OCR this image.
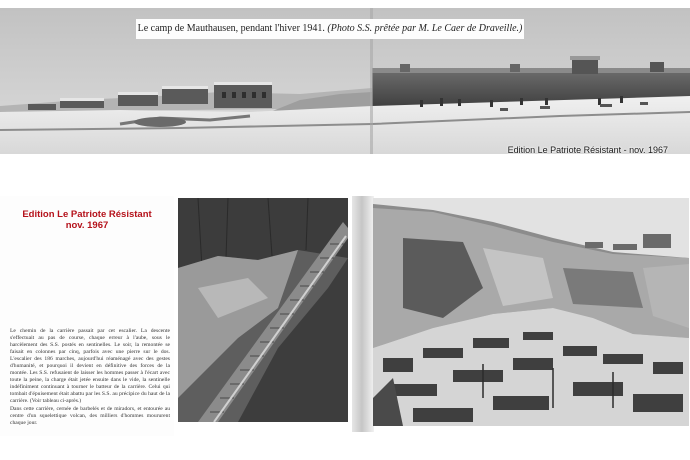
Le camp de Mauthausen, pendant l'hiver 1941. (Photo S.S. prêtée par M. Le Caer de Draveille.)
Edition Le Patriote Résistant - nov. 1967
Edition Le Patriote Résistant
nov. 1967
Le chemin de la carrière passait par cet escalier. La descente s'effectuait au pas de course, chaque erreur à l'aube, sous le harcèlement des S.S. postés en sentinelles. Le soir, la remontée se faisait en colonnes par cinq, parfois avec une pierre sur le dos. L'escalier des 186 marches, aujourd'hui réaménagé avec des gestes d'humanité, et pourquoi il devient en définitive des forces de la montée. Les S.S. refusaient de laisser les hommes passer à l'écart avec toute la peine, la charge était jetée ensuite dans le vide, la sentinelle indéfiniment continuant à tourner le batteur de la carrière. Celui qui tombait d'épuisement était abattu par les S.S. au précipice du haut de la carrière. (Voir tableau ci-après.)
Dans cette carrière, cernée de barbelés et de miradors, et entourée au centre d'un squelettique volcan, des milliers d'hommes moururent chaque jour.
